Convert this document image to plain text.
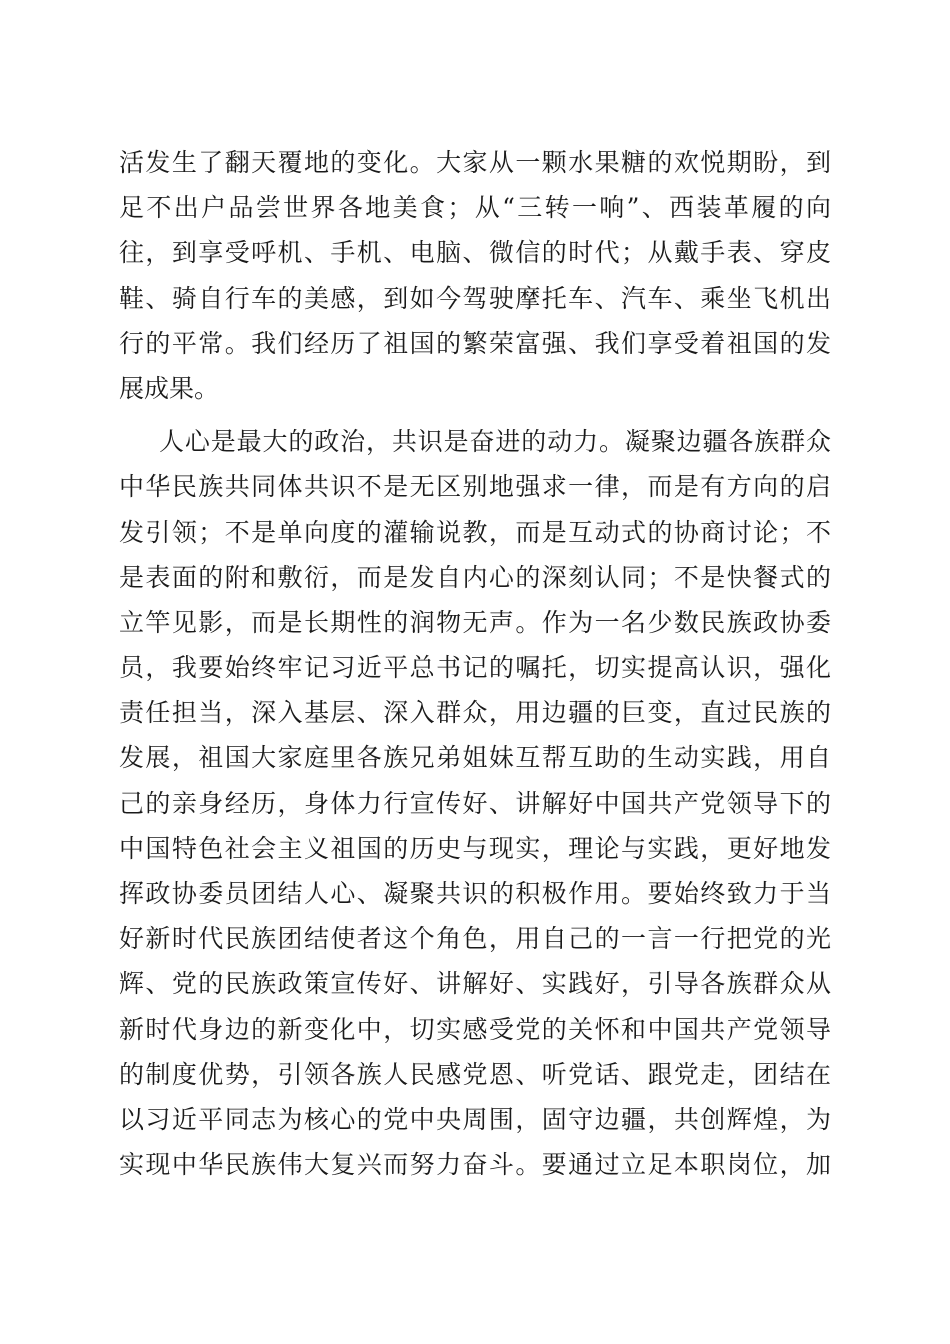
活发生了翻天覆地的变化。大家从一颗水果糖的欢悦期盼，到
足不出户品尝世界各地美食；从“三转一响”、西装革履的向
往，到享受呼机、手机、电脑、微信的时代；从戴手表、穿皮
鞋、骑自行车的美感，到如今驾驶摩托车、汽车、乘坐飞机出
行的平常。我们经历了祖国的繁荣富强、我们享受着祖国的发
展成果。
人心是最大的政治，共识是奋进的动力。凝聚边疆各族群众
中华民族共同体共识不是无区别地强求一律，而是有方向的启
发引领；不是单向度的灌输说教，而是互动式的协商讨论；不
是表面的附和敷衍，而是发自内心的深刻认同；不是快餐式的
立竿见影，而是长期性的润物无声。作为一名少数民族政协委
员，我要始终牢记习近平总书记的嘱托，切实提高认识，强化
责任担当，深入基层、深入群众，用边疆的巨变，直过民族的
发展，祖国大家庭里各族兄弟姐妹互帮互助的生动实践，用自
己的亲身经历，身体力行宣传好、讲解好中国共产党领导下的
中国特色社会主义祖国的历史与现实，理论与实践，更好地发
挥政协委员团结人心、凝聚共识的积极作用。要始终致力于当
好新时代民族团结使者这个角色，用自己的一言一行把党的光
辉、党的民族政策宣传好、讲解好、实践好，引导各族群众从
新时代身边的新变化中，切实感受党的关怀和中国共产党领导
的制度优势，引领各族人民感党恩、听党话、跟党走，团结在
以习近平同志为核心的党中央周围，固守边疆，共创辉煌，为
实现中华民族伟大复兴而努力奋斗。要通过立足本职岗位，加
